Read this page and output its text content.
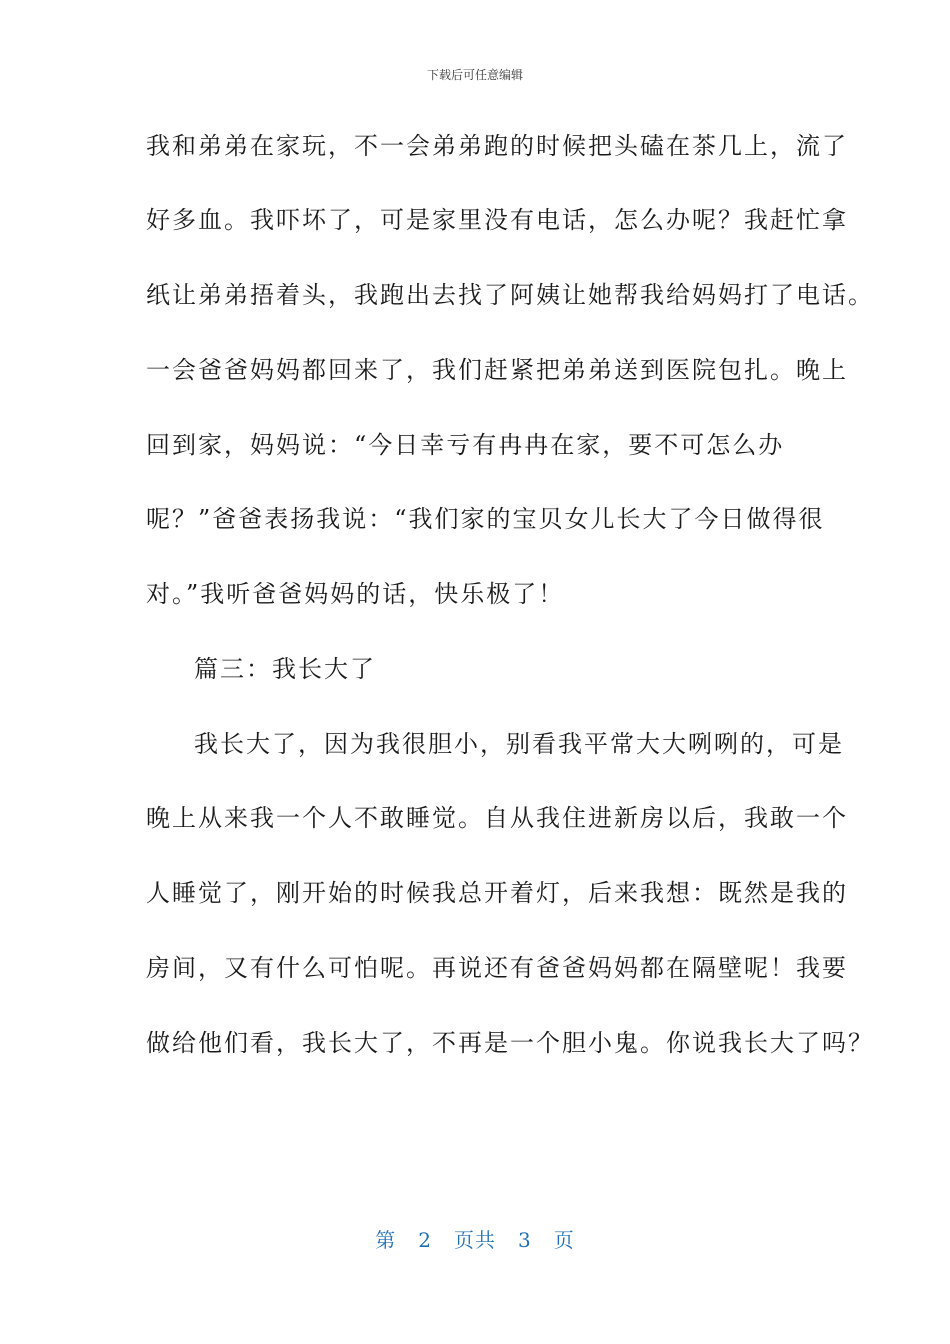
下载后可任意编辑
我和弟弟在家玩，不一会弟弟跑的时候把头磕在茶几上，流了
好多血。我吓坏了，可是家里没有电话，怎么办呢？我赶忙拿
纸让弟弟捂着头，我跑出去找了阿姨让她帮我给妈妈打了电话。
一会爸爸妈妈都回来了，我们赶紧把弟弟送到医院包扎。晚上
回到家，妈妈说：“今日幸亏有冉冉在家，要不可怎么办
呢？”爸爸表扬我说：“我们家的宝贝女儿长大了今日做得很
对。”我听爸爸妈妈的话，快乐极了！
篇三：我长大了
我长大了，因为我很胆小，别看我平常大大咧咧的，可是
晚上从来我一个人不敢睡觉。自从我住进新房以后，我敢一个
人睡觉了，刚开始的时候我总开着灯，后来我想：既然是我的
房间，又有什么可怕呢。再说还有爸爸妈妈都在隔壁呢！我要
做给他们看，我长大了，不再是一个胆小鬼。你说我长大了吗？
第 2 页共 3 页
